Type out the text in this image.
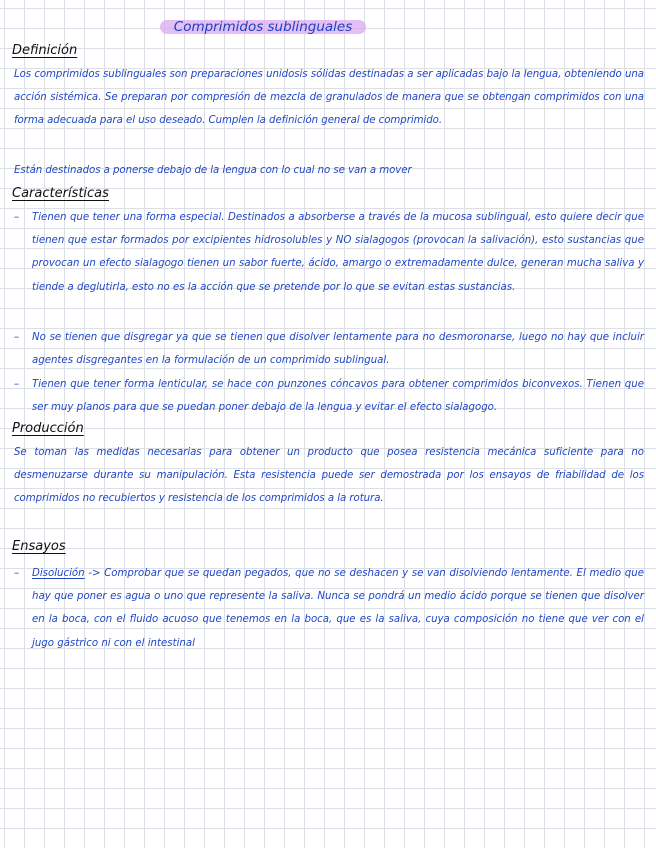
Comprimidos sublinguales
Definición
Los comprimidos sublinguales son preparaciones unidosis sólidas destinadas a ser aplicadas bajo la lengua, obteniendo una acción sistémica. Se preparan por compresión de mezcla de granulados de manera que se obtengan comprimidos con una forma adecuada para el uso deseado. Cumplen la definición general de comprimido.
Están destinados a ponerse debajo de la lengua con lo cual no se van a mover
Características
– Tienen que tener una forma especial. Destinados a absorberse a través de la mucosa sublingual, esto quiere decir que tienen que estar formados por excipientes hidrosolubles y NO sialagogos (provocan la salivación), esto sustancias que provocan un efecto sialagogo tienen un sabor fuerte, ácido, amargo o extremadamente dulce, generan mucha saliva y tiende a deglutirla, esto no es la acción que se pretende por lo que se evitan estas sustancias.
– No se tienen que disgregar ya que se tienen que disolver lentamente para no desmoronarse, luego no hay que incluir agentes disgregantes en la formulación de un comprimido sublingual.
– Tienen que tener forma lenticular, se hace con punzones cóncavos para obtener comprimidos biconvexos. Tienen que ser muy planos para que se puedan poner debajo de la lengua y evitar el efecto sialagogo.
Producción
Se toman las medidas necesarias para obtener un producto que posea resistencia mecánica suficiente para no desmenuzarse durante su manipulación. Esta resistencia puede ser demostrada por los ensayos de friabilidad de los comprimidos no recubiertos y resistencia de los comprimidos a la rotura.
Ensayos
– Disolución -> Comprobar que se quedan pegados, que no se deshacen y se van disolviendo lentamente. El medio que hay que poner es agua o uno que represente la saliva. Nunca se pondrá un medio ácido porque se tienen que disolver en la boca, con el fluido acuoso que tenemos en la boca, que es la saliva, cuya composición no tiene que ver con el jugo gástrico ni con el intestinal
